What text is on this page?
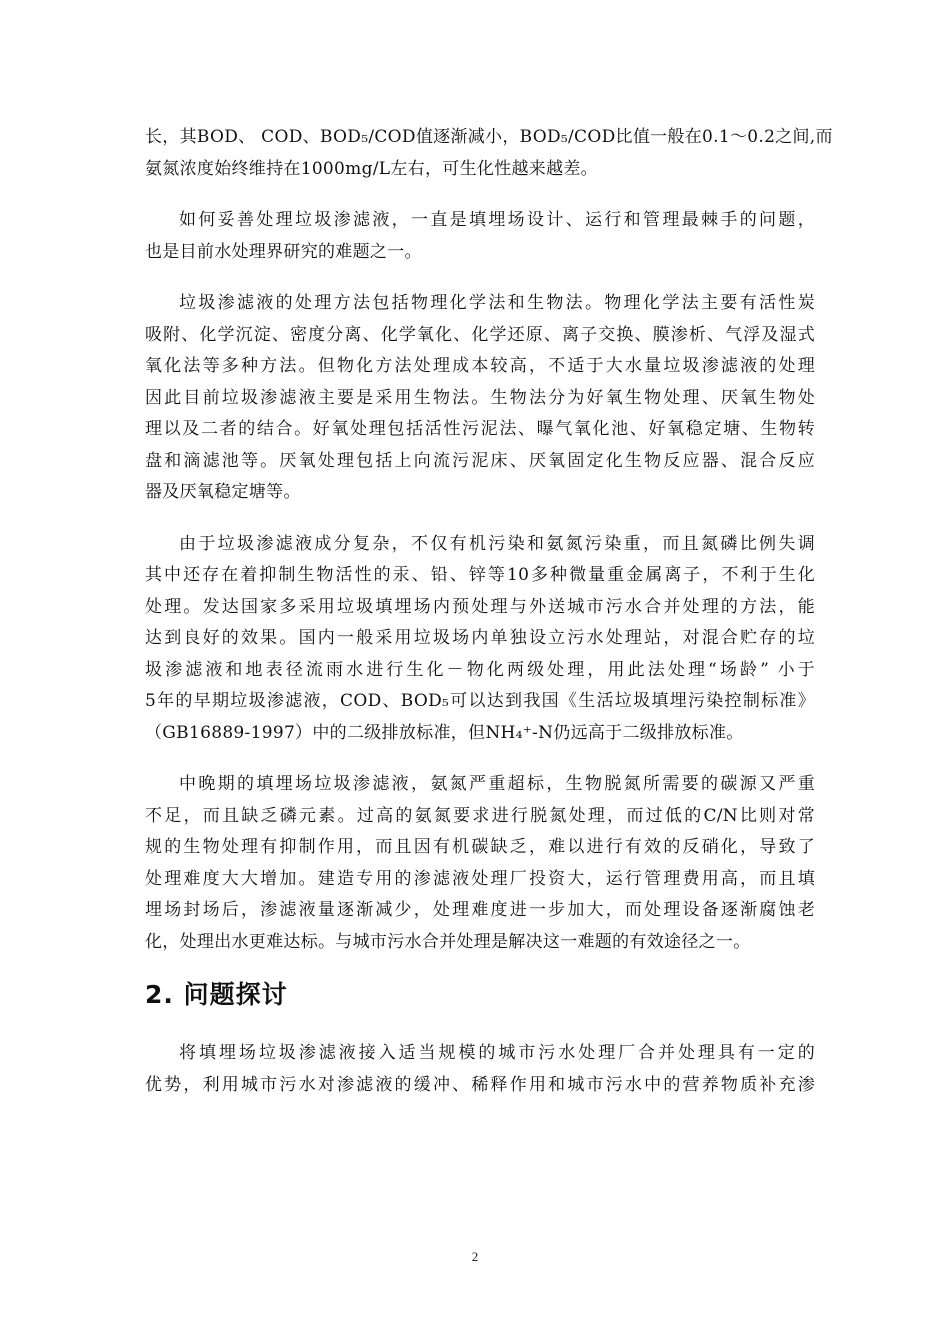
长，其BOD、 COD、BOD₅/COD值逐渐减小，BOD₅/COD比值一般在0.1～0.2之间,而
氨氮浓度始终维持在1000mg/L左右，可生化性越来越差。

如何妥善处理垃圾渗滤液，一直是填埋场设计、运行和管理最棘手的问题，
也是目前水处理界研究的难题之一。

垃圾渗滤液的处理方法包括物理化学法和生物法。物理化学法主要有活性炭
吸附、化学沉淀、密度分离、化学氧化、化学还原、离子交换、膜渗析、气浮及湿式
氧化法等多种方法。但物化方法处理成本较高，不适于大水量垃圾渗滤液的处理
因此目前垃圾渗滤液主要是采用生物法。生物法分为好氧生物处理、厌氧生物处
理以及二者的结合。好氧处理包括活性污泥法、曝气氧化池、好氧稳定塘、生物转
盘和滴滤池等。厌氧处理包括上向流污泥床、厌氧固定化生物反应器、混合反应
器及厌氧稳定塘等。

由于垃圾渗滤液成分复杂，不仅有机污染和氨氮污染重，而且氮磷比例失调
其中还存在着抑制生物活性的汞、铅、锌等10多种微量重金属离子，不利于生化
处理。发达国家多采用垃圾填埋场内预处理与外送城市污水合并处理的方法，能
达到良好的效果。国内一般采用垃圾场内单独设立污水处理站，对混合贮存的垃
圾渗滤液和地表径流雨水进行生化－物化两级处理，用此法处理“场龄” 小于
5年的早期垃圾渗滤液，COD、BOD₅可以达到我国《生活垃圾填埋污染控制标准》
（GB16889-1997）中的二级排放标准，但NH₄⁺-N仍远高于二级排放标准。

中晚期的填埋场垃圾渗滤液，氨氮严重超标，生物脱氮所需要的碳源又严重
不足，而且缺乏磷元素。过高的氨氮要求进行脱氮处理，而过低的C/N比则对常
规的生物处理有抑制作用，而且因有机碳缺乏，难以进行有效的反硝化，导致了
处理难度大大增加。建造专用的渗滤液处理厂投资大，运行管理费用高，而且填
埋场封场后，渗滤液量逐渐减少，处理难度进一步加大，而处理设备逐渐腐蚀老
化，处理出水更难达标。与城市污水合并处理是解决这一难题的有效途径之一。

2. 问题探讨

将填埋场垃圾渗滤液接入适当规模的城市污水处理厂合并处理具有一定的
优势，利用城市污水对渗滤液的缓冲、稀释作用和城市污水中的营养物质补充渗

2
